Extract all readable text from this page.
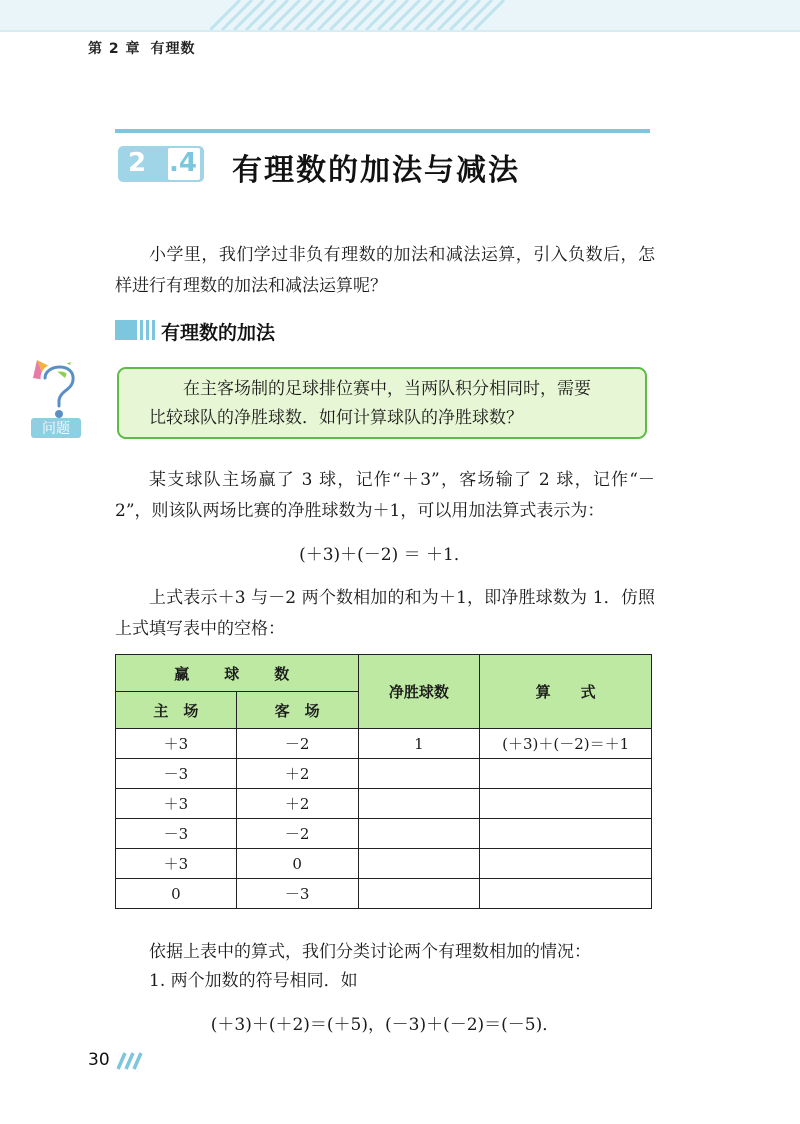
第 2 章 有理数
2 .4 有理数的加法与减法

小学里，我们学过非负有理数的加法和减法运算，引入负数后，怎样进行有理数的加法和减法运算呢？

有理数的加法
问题

在主客场制的足球排位赛中，当两队积分相同时，需要

比较球队的净胜球数．如何计算球队的净胜球数？

某支球队主场赢了 3 球，记作“＋3”，客场输了 2 球，记作“－2”，则该队两场比赛的净胜球数为＋1，可以用加法算式表示为：

(＋3)＋(－2) ＝ ＋1．

上式表示＋3 与－2 两个数相加的和为＋1，即净胜球数为 1．仿照上式填写表中的空格：

赢　球　数		净胜球数	算　　式
主　场	客　场		
＋3	－2	1	(＋3)＋(－2)＝＋1
－3	＋2		
＋3	＋2		
－3	－2		
＋3	0		
0	－3		

依据上表中的算式，我们分类讨论两个有理数相加的情况：

1. 两个加数的符号相同．如

(＋3)＋(＋2)＝(＋5)，(－3)＋(－2)＝(－5)．
30
